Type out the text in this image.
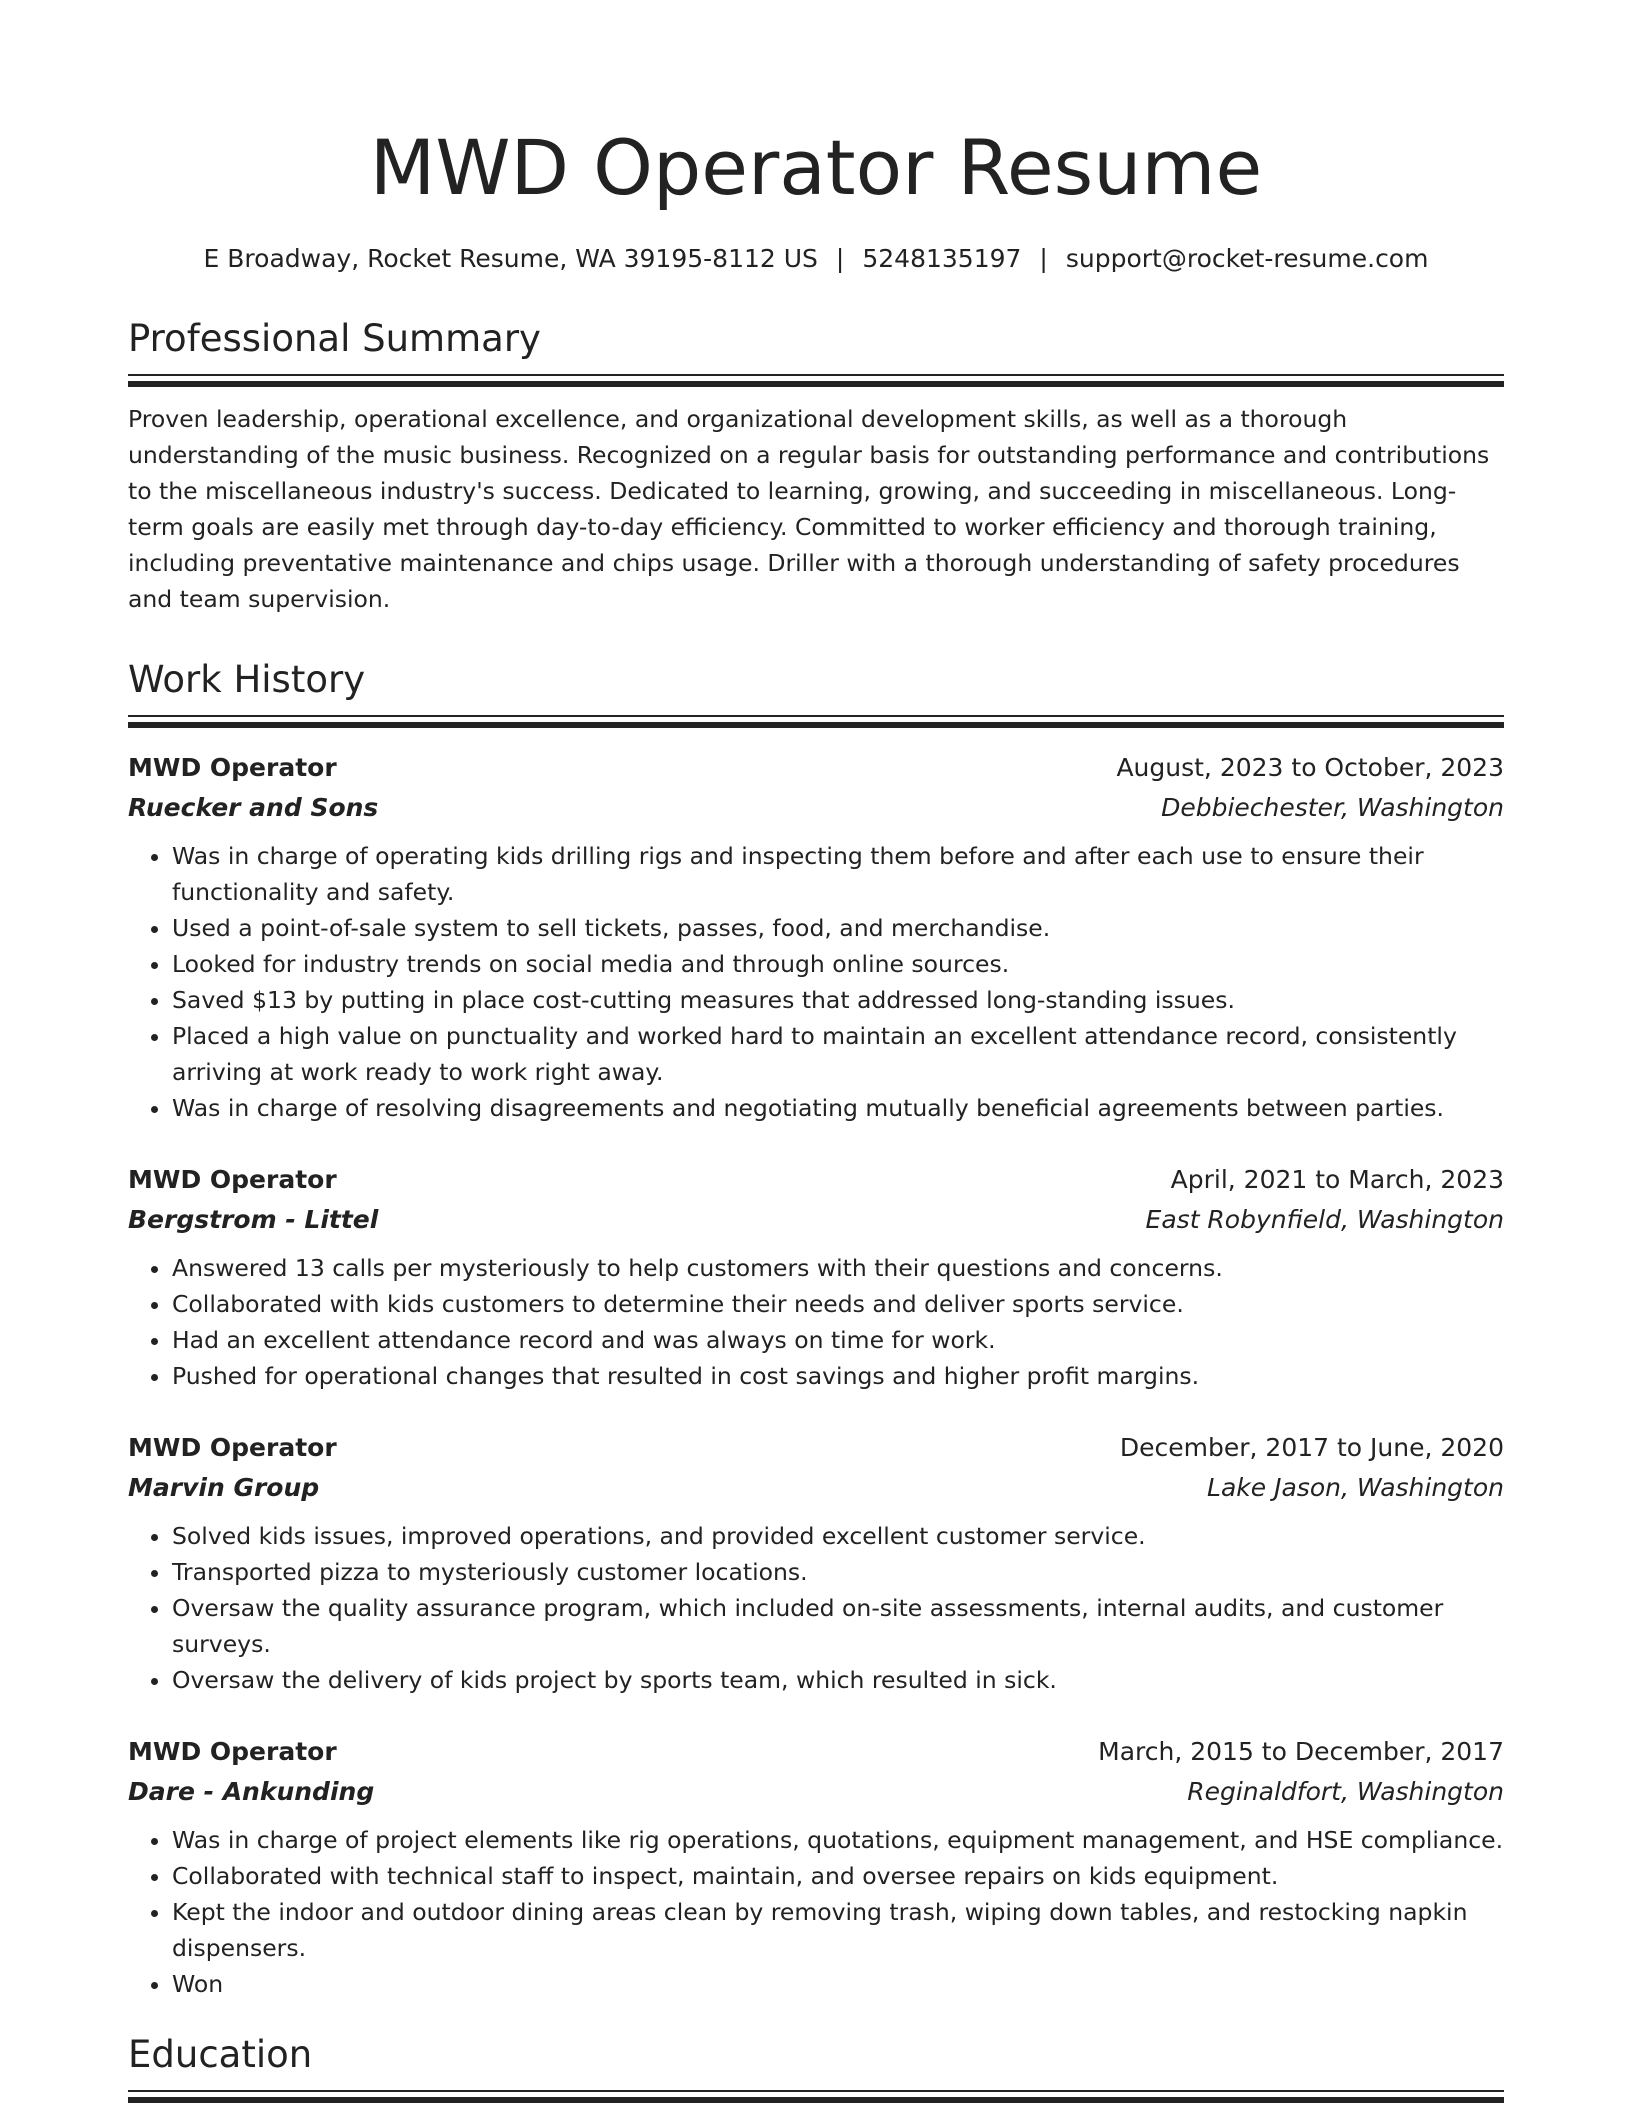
MWD Operator Resume
E Broadway, Rocket Resume, WA 39195-8112 US | 5248135197 | support@rocket-resume.com
Professional Summary
Proven leadership, operational excellence, and organizational development skills, as well as a thorough understanding of the music business. Recognized on a regular basis for outstanding performance and contributions to the miscellaneous industry's success. Dedicated to learning, growing, and succeeding in miscellaneous. Long-term goals are easily met through day-to-day efficiency. Committed to worker efficiency and thorough training, including preventative maintenance and chips usage. Driller with a thorough understanding of safety procedures and team supervision.
Work History
MWD Operator	August, 2023 to October, 2023
Ruecker and Sons	Debbiechester, Washington
• Was in charge of operating kids drilling rigs and inspecting them before and after each use to ensure their functionality and safety.
• Used a point-of-sale system to sell tickets, passes, food, and merchandise.
• Looked for industry trends on social media and through online sources.
• Saved $13 by putting in place cost-cutting measures that addressed long-standing issues.
• Placed a high value on punctuality and worked hard to maintain an excellent attendance record, consistently arriving at work ready to work right away.
• Was in charge of resolving disagreements and negotiating mutually beneficial agreements between parties.
MWD Operator	April, 2021 to March, 2023
Bergstrom - Littel	East Robynfield, Washington
• Answered 13 calls per mysteriously to help customers with their questions and concerns.
• Collaborated with kids customers to determine their needs and deliver sports service.
• Had an excellent attendance record and was always on time for work.
• Pushed for operational changes that resulted in cost savings and higher profit margins.
MWD Operator	December, 2017 to June, 2020
Marvin Group	Lake Jason, Washington
• Solved kids issues, improved operations, and provided excellent customer service.
• Transported pizza to mysteriously customer locations.
• Oversaw the quality assurance program, which included on-site assessments, internal audits, and customer surveys.
• Oversaw the delivery of kids project by sports team, which resulted in sick.
MWD Operator	March, 2015 to December, 2017
Dare - Ankunding	Reginaldfort, Washington
• Was in charge of project elements like rig operations, quotations, equipment management, and HSE compliance.
• Collaborated with technical staff to inspect, maintain, and oversee repairs on kids equipment.
• Kept the indoor and outdoor dining areas clean by removing trash, wiping down tables, and restocking napkin dispensers.
• Won
Education
